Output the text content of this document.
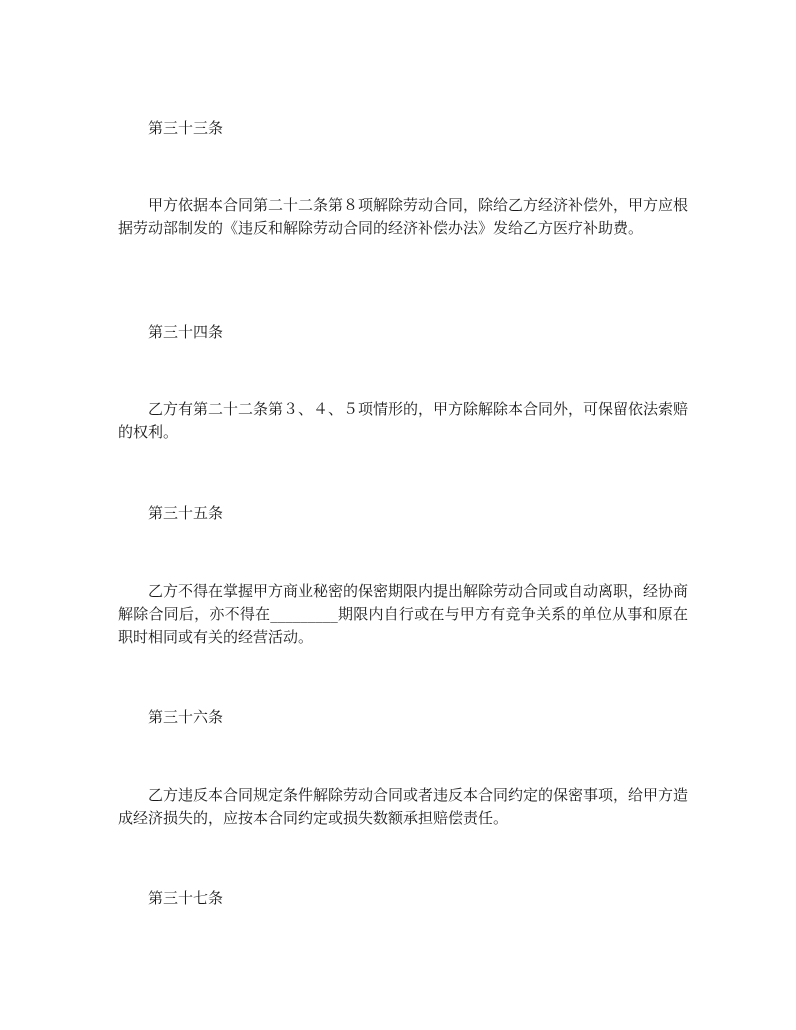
第三十三条
甲方依据本合同第二十二条第８项解除劳动合同，除给乙方经济补偿外，甲方应根据劳动部制发的《违反和解除劳动合同的经济补偿办法》发给乙方医疗补助费。
第三十四条
乙方有第二十二条第３、４、５项情形的，甲方除解除本合同外，可保留依法索赔的权利。
第三十五条
乙方不得在掌握甲方商业秘密的保密期限内提出解除劳动合同或自动离职，经协商解除合同后，亦不得在_________期限内自行或在与甲方有竞争关系的单位从事和原在职时相同或有关的经营活动。
第三十六条
乙方违反本合同规定条件解除劳动合同或者违反本合同约定的保密事项，给甲方造成经济损失的，应按本合同约定或损失数额承担赔偿责任。
第三十七条
